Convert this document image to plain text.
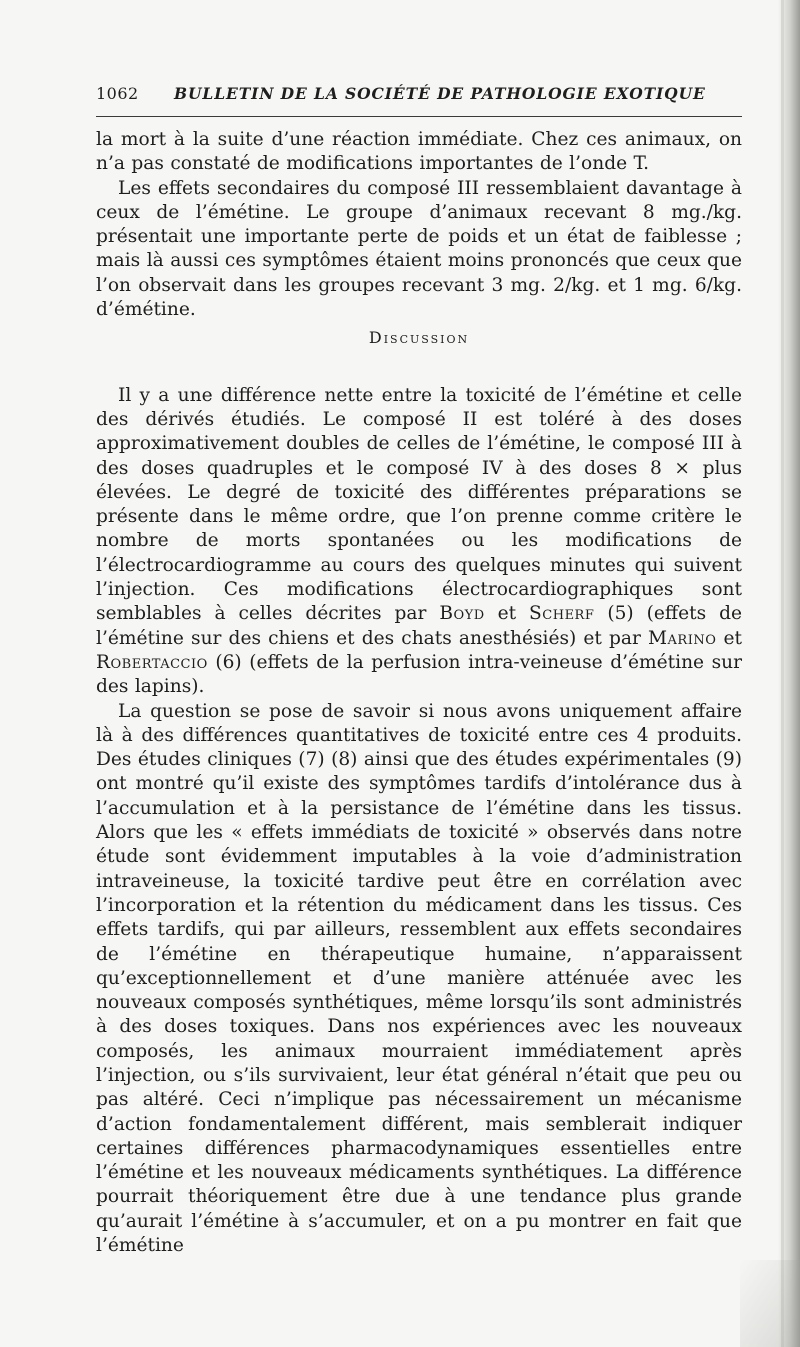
1062 BULLETIN DE LA SOCIÉTÉ DE PATHOLOGIE EXOTIQUE

la mort à la suite d’une réaction immédiate. Chez ces animaux, on n’a pas constaté de modifications importantes de l’onde T.

Les effets secondaires du composé III ressemblaient davantage à ceux de l’émétine. Le groupe d’animaux recevant 8 mg./kg. présentait une importante perte de poids et un état de faiblesse ; mais là aussi ces symptômes étaient moins prononcés que ceux que l’on observait dans les groupes recevant 3 mg. 2/kg. et 1 mg. 6/kg. d’émétine.

Discussion

Il y a une différence nette entre la toxicité de l’émétine et celle des dérivés étudiés. Le composé II est toléré à des doses approximativement doubles de celles de l’émétine, le composé III à des doses quadruples et le composé IV à des doses 8 × plus élevées. Le degré de toxicité des différentes préparations se présente dans le même ordre, que l’on prenne comme critère le nombre de morts spontanées ou les modifications de l’électrocardiogramme au cours des quelques minutes qui suivent l’injection. Ces modifications électrocardiographiques sont semblables à celles décrites par Boyd et Scherf (5) (effets de l’émétine sur des chiens et des chats anesthésiés) et par Marino et Robertaccio (6) (effets de la perfusion intra-veineuse d’émétine sur des lapins).

La question se pose de savoir si nous avons uniquement affaire là à des différences quantitatives de toxicité entre ces 4 produits. Des études cliniques (7) (8) ainsi que des études expérimentales (9) ont montré qu’il existe des symptômes tardifs d’intolérance dus à l’accumulation et à la persistance de l’émétine dans les tissus. Alors que les « effets immédiats de toxicité » observés dans notre étude sont évidemment imputables à la voie d’administration intraveineuse, la toxicité tardive peut être en corrélation avec l’incorporation et la rétention du médicament dans les tissus. Ces effets tardifs, qui par ailleurs, ressemblent aux effets secondaires de l’émétine en thérapeutique humaine, n’apparaissent qu’exceptionnellement et d’une manière atténuée avec les nouveaux composés synthétiques, même lorsqu’ils sont administrés à des doses toxiques. Dans nos expériences avec les nouveaux composés, les animaux mourraient immédiatement après l’injection, ou s’ils survivaient, leur état général n’était que peu ou pas altéré. Ceci n’implique pas nécessairement un mécanisme d’action fondamentalement différent, mais semblerait indiquer certaines différences pharmacodynamiques essentielles entre l’émétine et les nouveaux médicaments synthétiques. La différence pourrait théoriquement être due à une tendance plus grande qu’aurait l’émétine à s’accumuler, et on a pu montrer en fait que l’émétine
